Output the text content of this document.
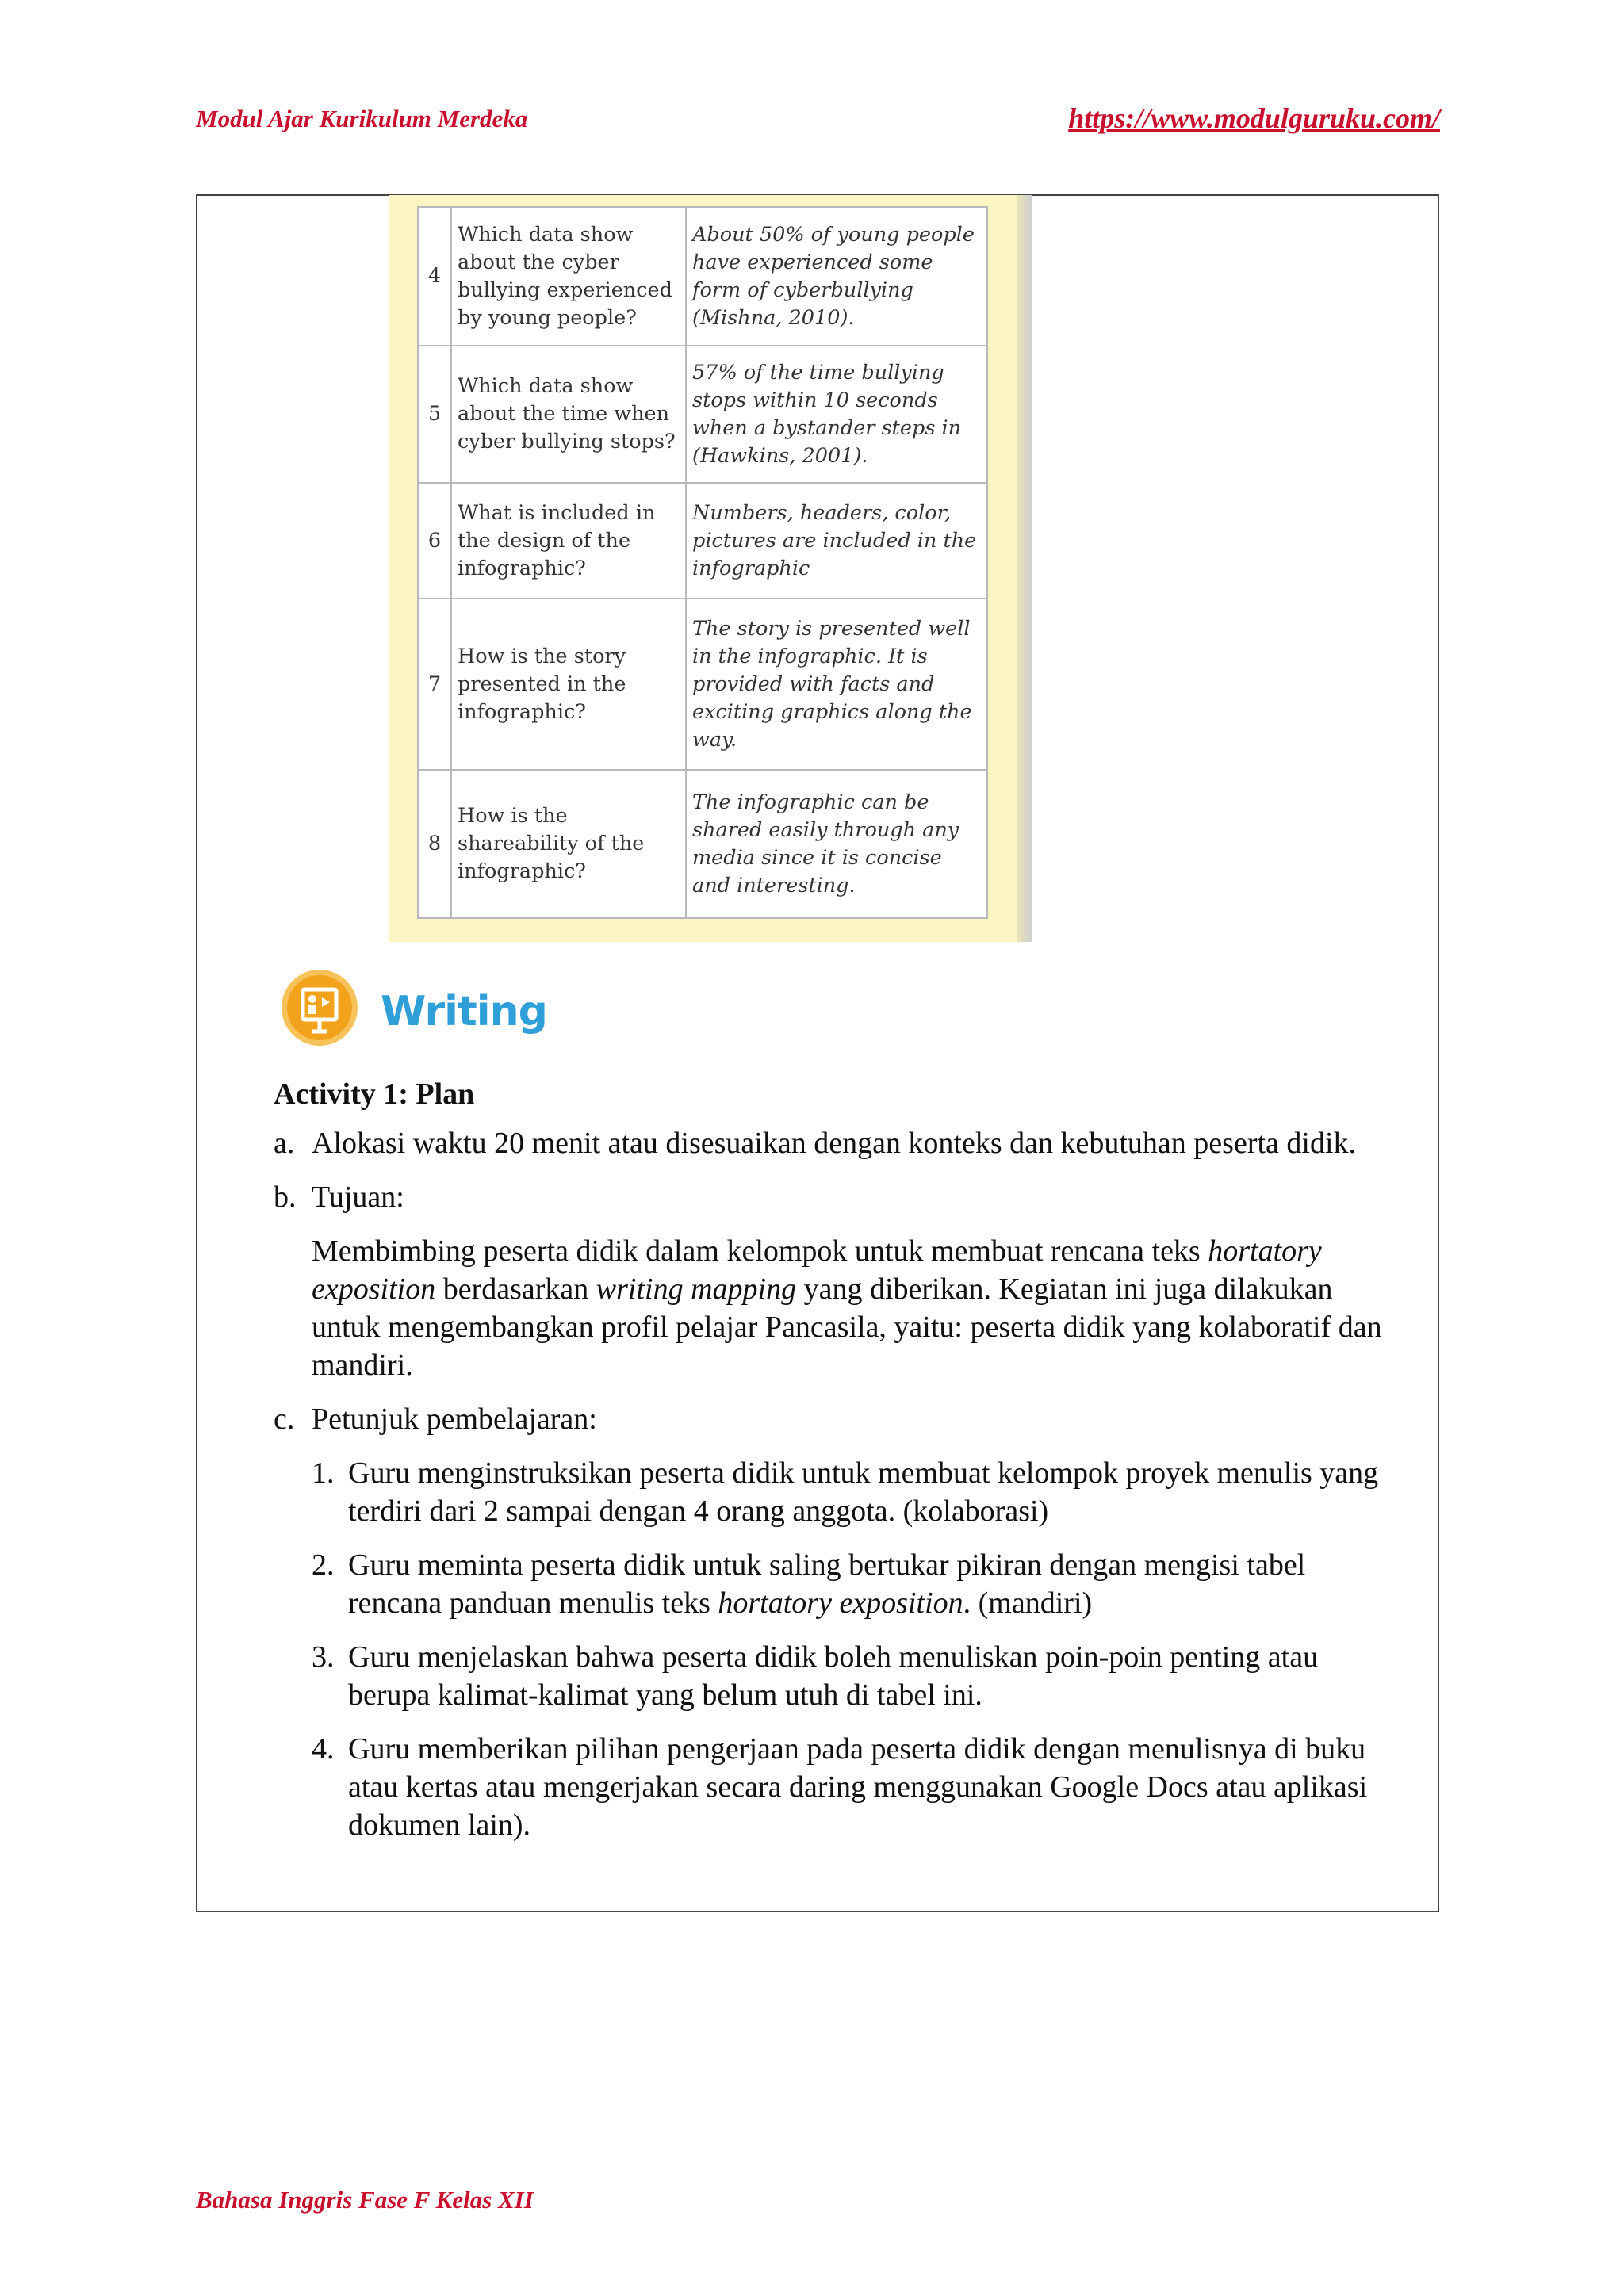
Modul Ajar Kurikulum Merdeka	https://www.modulguruku.com/
4	Which data show about the cyber bullying experienced by young people?	About 50% of young people have experienced some form of cyberbullying (Mishna, 2010).
5	Which data show about the time when cyber bullying stops?	57% of the time bullying stops within 10 seconds when a bystander steps in (Hawkins, 2001).
6	What is included in the design of the infographic?	Numbers, headers, color, pictures are included in the infographic
7	How is the story presented in the infographic?	The story is presented well in the infographic. It is provided with facts and exciting graphics along the way.
8	How is the shareability of the infographic?	The infographic can be shared easily through any media since it is concise and interesting.
Writing
Activity 1: Plan
a. Alokasi waktu 20 menit atau disesuaikan dengan konteks dan kebutuhan peserta didik.
b. Tujuan:
Membimbing peserta didik dalam kelompok untuk membuat rencana teks hortatory exposition berdasarkan writing mapping yang diberikan. Kegiatan ini juga dilakukan untuk mengembangkan profil pelajar Pancasila, yaitu: peserta didik yang kolaboratif dan mandiri.
c. Petunjuk pembelajaran:
1. Guru menginstruksikan peserta didik untuk membuat kelompok proyek menulis yang terdiri dari 2 sampai dengan 4 orang anggota. (kolaborasi)
2. Guru meminta peserta didik untuk saling bertukar pikiran dengan mengisi tabel rencana panduan menulis teks hortatory exposition. (mandiri)
3. Guru menjelaskan bahwa peserta didik boleh menuliskan poin-poin penting atau berupa kalimat-kalimat yang belum utuh di tabel ini.
4. Guru memberikan pilihan pengerjaan pada peserta didik dengan menulisnya di buku atau kertas atau mengerjakan secara daring menggunakan Google Docs atau aplikasi dokumen lain).
Bahasa Inggris Fase F Kelas XII
